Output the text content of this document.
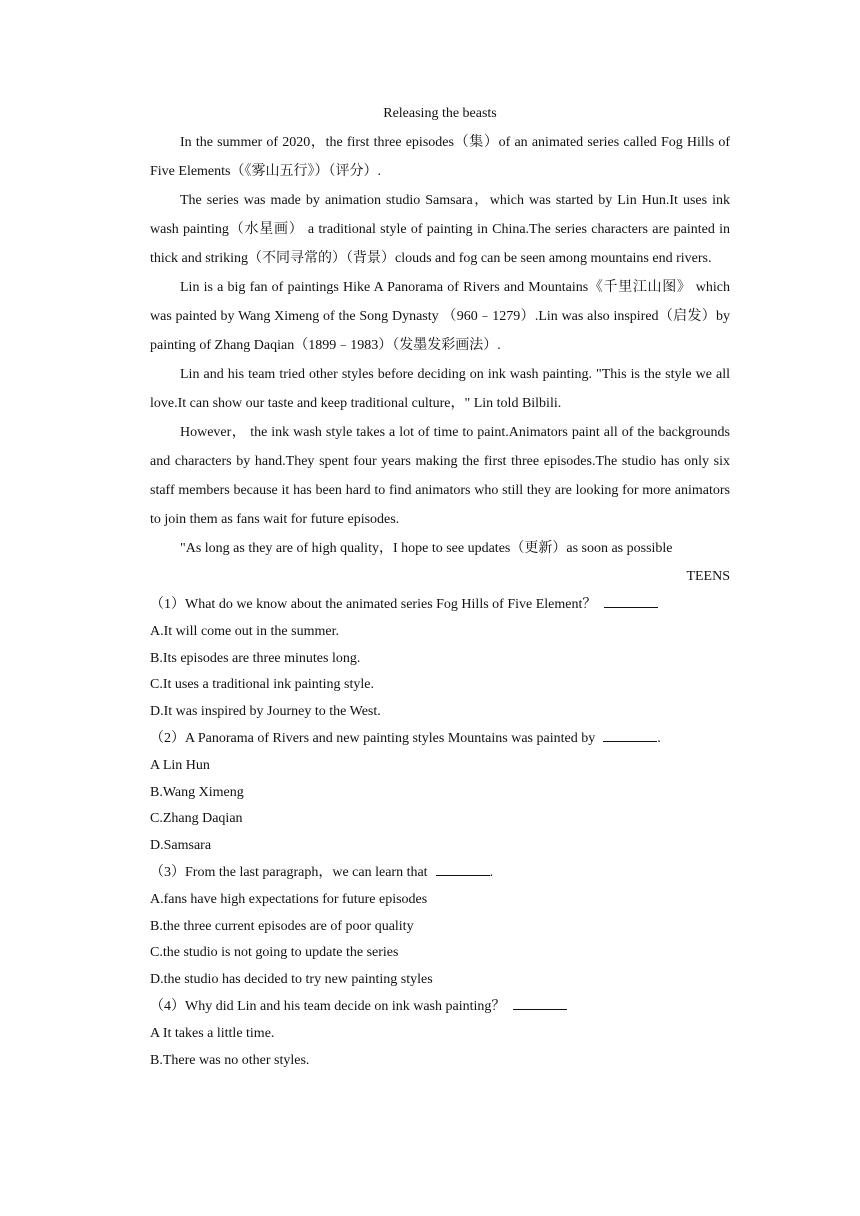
Releasing the beasts

In the summer of 2020，the first three episodes（集）of an animated series called Fog Hills of Five Elements（《雾山五行》）（评分）.

The series was made by animation studio Samsara，which was started by Lin Hun.It uses ink wash painting（水星画） a traditional style of painting in China.The series characters are painted in thick and striking（不同寻常的）（背景）clouds and fog can be seen among mountains end rivers.

Lin is a big fan of paintings Hike A Panorama of Rivers and Mountains《千里江山图》 which was painted by Wang Ximeng of the Song Dynasty （960﹣1279）.Lin was also inspired（启发）by painting of Zhang Daqian（1899﹣1983）（发墨发彩画法）.

Lin and his team tried other styles before deciding on ink wash painting. "This is the style we all love.It can show our taste and keep traditional culture，" Lin told Bilbili.

However， the ink wash style takes a lot of time to paint.Animators paint all of the backgrounds and characters by hand.They spent four years making the first three episodes.The studio has only six staff members because it has been hard to find animators who still they are looking for more animators to join them as fans wait for future episodes.

"As long as they are of high quality，I hope to see updates（更新）as soon as possible

TEENS

（1）What do we know about the animated series Fog Hills of Five Element？

A.It will come out in the summer.

B.Its episodes are three minutes long.

C.It uses a traditional ink painting style.

D.It was inspired by Journey to the West.

（2）A Panorama of Rivers and new painting styles Mountains was painted by	.

A Lin Hun

B.Wang Ximeng

C.Zhang Daqian

D.Samsara

（3）From the last paragraph，we can learn that	.

A.fans have high expectations for future episodes

B.the three current episodes are of poor quality

C.the studio is not going to update the series

D.the studio has decided to try new painting styles

（4）Why did Lin and his team decide on ink wash painting？

A It takes a little time.

B.There was no other styles.
